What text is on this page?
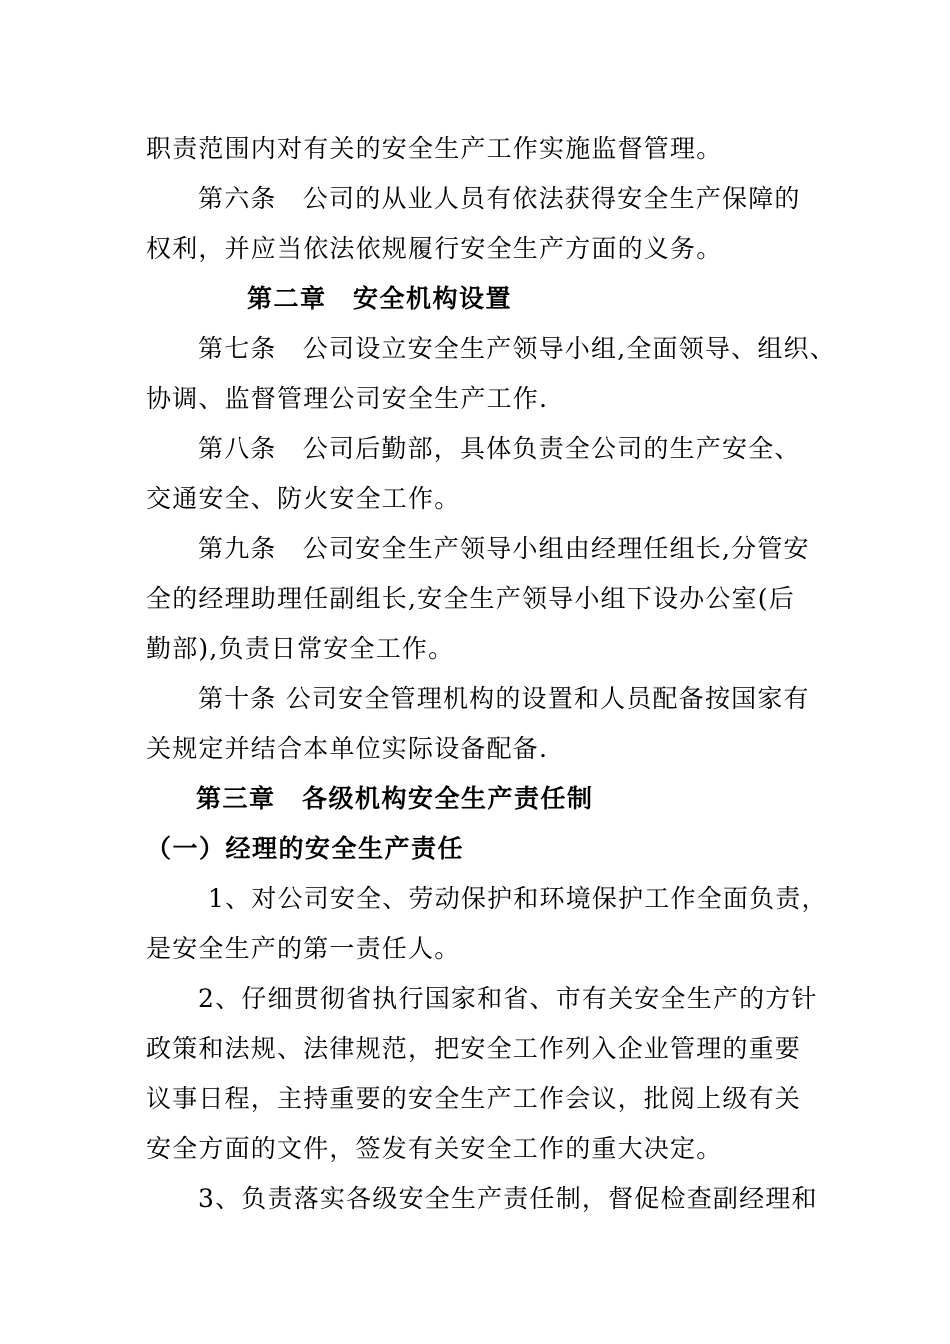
职责范围内对有关的安全生产工作实施监督管理。
第六条　公司的从业人员有依法获得安全生产保障的
权利，并应当依法依规履行安全生产方面的义务。
第二章　安全机构设置
第七条　公司设立安全生产领导小组,全面领导、组织、
协调、监督管理公司安全生产工作.
第八条　公司后勤部，具体负责全公司的生产安全、
交通安全、防火安全工作。
第九条　公司安全生产领导小组由经理任组长,分管安
全的经理助理任副组长,安全生产领导小组下设办公室(后
勤部),负责日常安全工作。
第十条 公司安全管理机构的设置和人员配备按国家有
关规定并结合本单位实际设备配备.
第三章　各级机构安全生产责任制
（一）经理的安全生产责任
1、对公司安全、劳动保护和环境保护工作全面负责，
是安全生产的第一责任人。
2、仔细贯彻省执行国家和省、市有关安全生产的方针
政策和法规、法律规范，把安全工作列入企业管理的重要
议事日程，主持重要的安全生产工作会议，批阅上级有关
安全方面的文件，签发有关安全工作的重大决定。
3、负责落实各级安全生产责任制，督促检查副经理和
